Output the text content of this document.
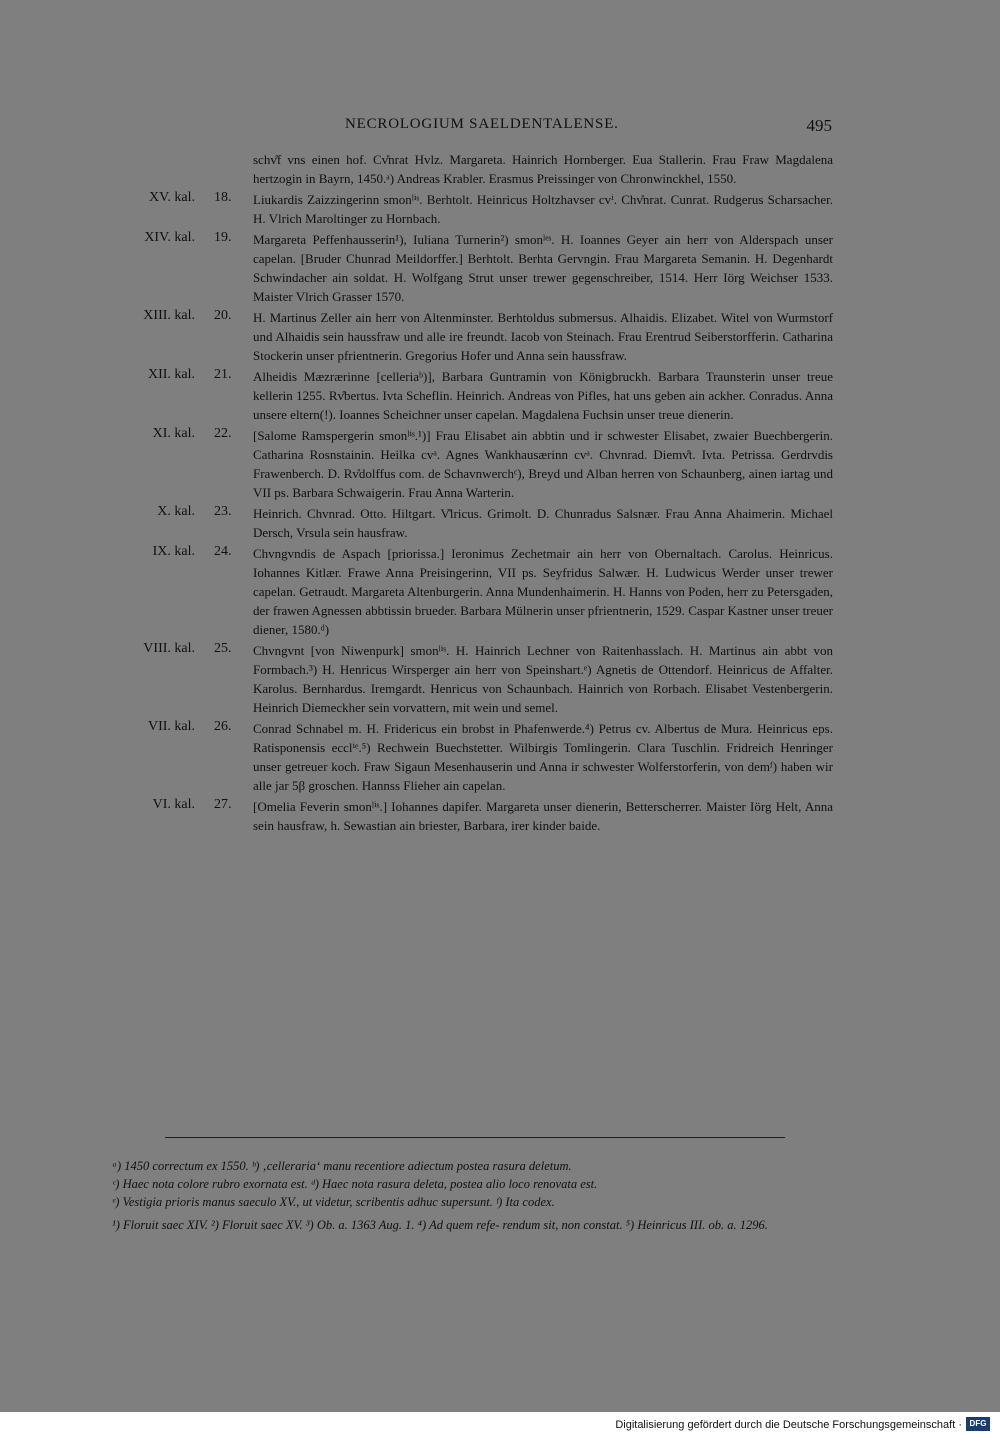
NECROLOGIUM SAELDENTALENSE.	495
schv̊f vns einen hof. Cv̊nrat Hvlz. Margareta. Hainrich Hornberger. Eua Stallerin. Frau Fraw Magdalena hertzogin in Bayrn, 1450.ᵃ) Andreas Krabler. Erasmus Preissinger von Chronwinckhel, 1550.
XV. kal. 18.	Liukardis Zaizzingerinn smonˡⁱˢ. Berhtolt. Heinricus Holtzhavser cvⁱ. Chv̊nrat. Cunrat. Rudgerus Scharsacher. H. Vlrich Maroltinger zu Hornbach.
XIV. kal. 19.	Margareta Peffenhausserin¹), Iuliana Turnerin²) smonˡᵉˢ. H. Ioannes Geyer ain herr von Alderspach unser capelan. [Bruder Chunrad Meildorffer.] Berhtolt. Berhta Gervngin. Frau Margareta Semanin. H. Degenhardt Schwindacher ain soldat. H. Wolfgang Strut unser trewer gegenschreiber, 1514. Herr Iörg Weichser 1533. Maister Vlrich Grasser 1570.
XIII. kal. 20.	H. Martinus Zeller ain herr von Altenminster. Berhtoldus submersus. Alhaidis. Elizabet. Witel von Wurmstorf und Alhaidis sein haussfraw und alle ire freundt. Iacob von Steinach. Frau Erentrud Seiberstorfferin. Catharina Stockerin unser pfrientnerin. Gregorius Hofer und Anna sein haussfraw.
XII. kal. 21.	Alheidis Mæzrærinne [celleriaᵇ)], Barbara Guntramin von Königbruckh. Barbara Traunsterin unser treue kellerin 1255. Rv̊bertus. Ivta Scheflin. Heinrich. Andreas von Pifles, hat uns geben ain ackher. Conradus. Anna unsere eltern(!). Ioannes Scheichner unser capelan. Magdalena Fuchsin unser treue dienerin.
XI. kal. 22.	[Salome Ramspergerin smonˡⁱˢ.¹)] Frau Elisabet ain abbtin und ir schwester Elisabet, zwaier Buechbergerin. Catharina Rosnstainin. Heilka cvᵃ. Agnes Wankhausærinn cvᵃ. Chvnrad. Diemv̊t. Ivta. Petrissa. Gerdrvdis Frawenberch. D. Rv̊dolffus com. de Schavnwerchᶜ), Breyd und Alban herren von Schaunberg, ainen iartag und VII ps. Barbara Schwaigerin. Frau Anna Warterin.
X. kal. 23.	Heinrich. Chvnrad. Otto. Hiltgart. V̊lricus. Grimolt. D. Chunradus Salsnær. Frau Anna Ahaimerin. Michael Dersch, Vrsula sein hausfraw.
IX. kal. 24.	Chvngvndis de Aspach [priorissa.] Ieronimus Zechetmair ain herr von Obernaltach. Carolus. Heinricus. Iohannes Kitlær. Frawe Anna Preisingerinn, VII ps. Seyfridus Salwær. H. Ludwicus Werder unser trewer capelan. Getraudt. Margareta Altenburgerin. Anna Mundenhaimerin. H. Hanns von Poden, herr zu Petersgaden, der frawen Agnessen abbtissin brueder. Barbara Mülnerin unser pfrientnerin, 1529. Caspar Kastner unser treuer diener, 1580.ᵈ)
VIII. kal. 25.	Chvngvnt [von Niwenpurk] smonˡⁱˢ. H. Hainrich Lechner von Raitenhasslach. H. Martinus ain abbt von Formbach.³) H. Henricus Wirsperger ain herr von Speinshart.ᵉ) Agnetis de Ottendorf. Heinricus de Affalter. Karolus. Bernhardus. Iremgardt. Henricus von Schaunbach. Hainrich von Rorbach. Elisabet Vestenbergerin. Heinrich Diemeckher sein vorvattern, mit wein und semel.
VII. kal. 26.	Conrad Schnabel m. H. Fridericus ein brobst in Phafenwerde.⁴) Petrus cv. Albertus de Mura. Heinricus eps. Ratisponensis ecclⁱᵉ.⁵) Rechwein Buechstetter. Wilbirgis Tomlingerin. Clara Tuschlin. Fridreich Henringer unser getreuer koch. Fraw Sigaun Mesenhauserin und Anna ir schwester Wolferstorferin, von demᶠ) haben wir alle jar 5β groschen. Hannss Flieher ain capelan.
VI. kal. 27.	[Omelia Feverin smonˡⁱˢ.] Iohannes dapifer. Margareta unser dienerin, Betterscherrer. Maister Iörg Helt, Anna sein hausfraw, h. Sewastian ain briester, Barbara, irer kinder baide.
ᵃ) 1450 correctum ex 1550. ᵇ) ‚celleraria‘ manu recentiore adiectum postea rasura deletum.
ᶜ) Haec nota colore rubro exornata est. ᵈ) Haec nota rasura deleta, postea alio loco renovata est.
ᵉ) Vestigia prioris manus saeculo XV., ut videtur, scribentis adhuc supersunt. ᶠ) Ita codex.
¹) Floruit saec XIV. ²) Floruit saec XV. ³) Ob. a. 1363 Aug. 1. ⁴) Ad quem refe- rendum sit, non constat. ⁵) Heinricus III. ob. a. 1296.
Digitalisierung gefördert durch die Deutsche Forschungsgemeinschaft · DFG
